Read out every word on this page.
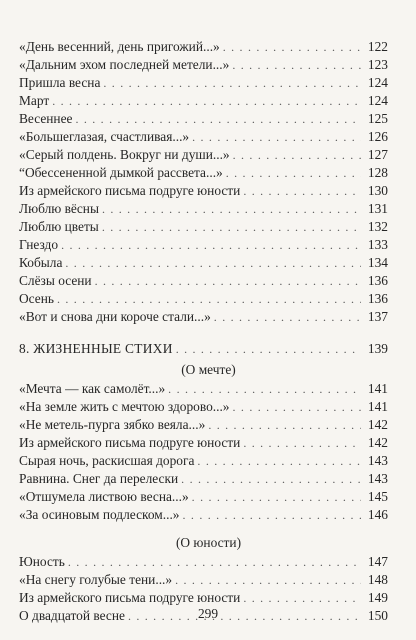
«День весенний, день пригожий...» . . .	122
«Дальним эхом последней метели...» . . .	123
Пришла весна . . .	124
Март . . .	124
Весеннее . . .	125
«Большеглазая, счастливая...» . . .	126
«Серый полдень. Вокруг ни души...» . . .	127
“Обесcененной дымкой рассвета...» . . .	128
Из армейского письма подруге юности . . .	130
Люблю вёсны . . .	131
Люблю цветы . . .	132
Гнездо . . .	133
Кобыла . . .	134
Слёзы осени . . .	136
Осень . . .	136
«Вот и снова дни короче стали...» . . .	137
8. ЖИЗНЕННЫЕ СТИХИ . . .	139
(О мечте)
«Мечта — как самолёт...» . . .	141
«На земле жить с мечтою здорово...» . . .	141
«Не метель-пурга зябко веяла...» . . .	142
Из армейского письма подруге юности . . .	142
Сырая ночь, раскисшая дорога . . .	143
Равнина. Снег да перелески . . .	143
«Отшумела листвою весна...» . . .	145
«За осиновым подлеском...» . . .	146
(О юности)
Юность . . .	147
«На снегу голубые тени...» . . .	148
Из армейского письма подруге юности . . .	149
О двадцатой весне . . .	150
299
